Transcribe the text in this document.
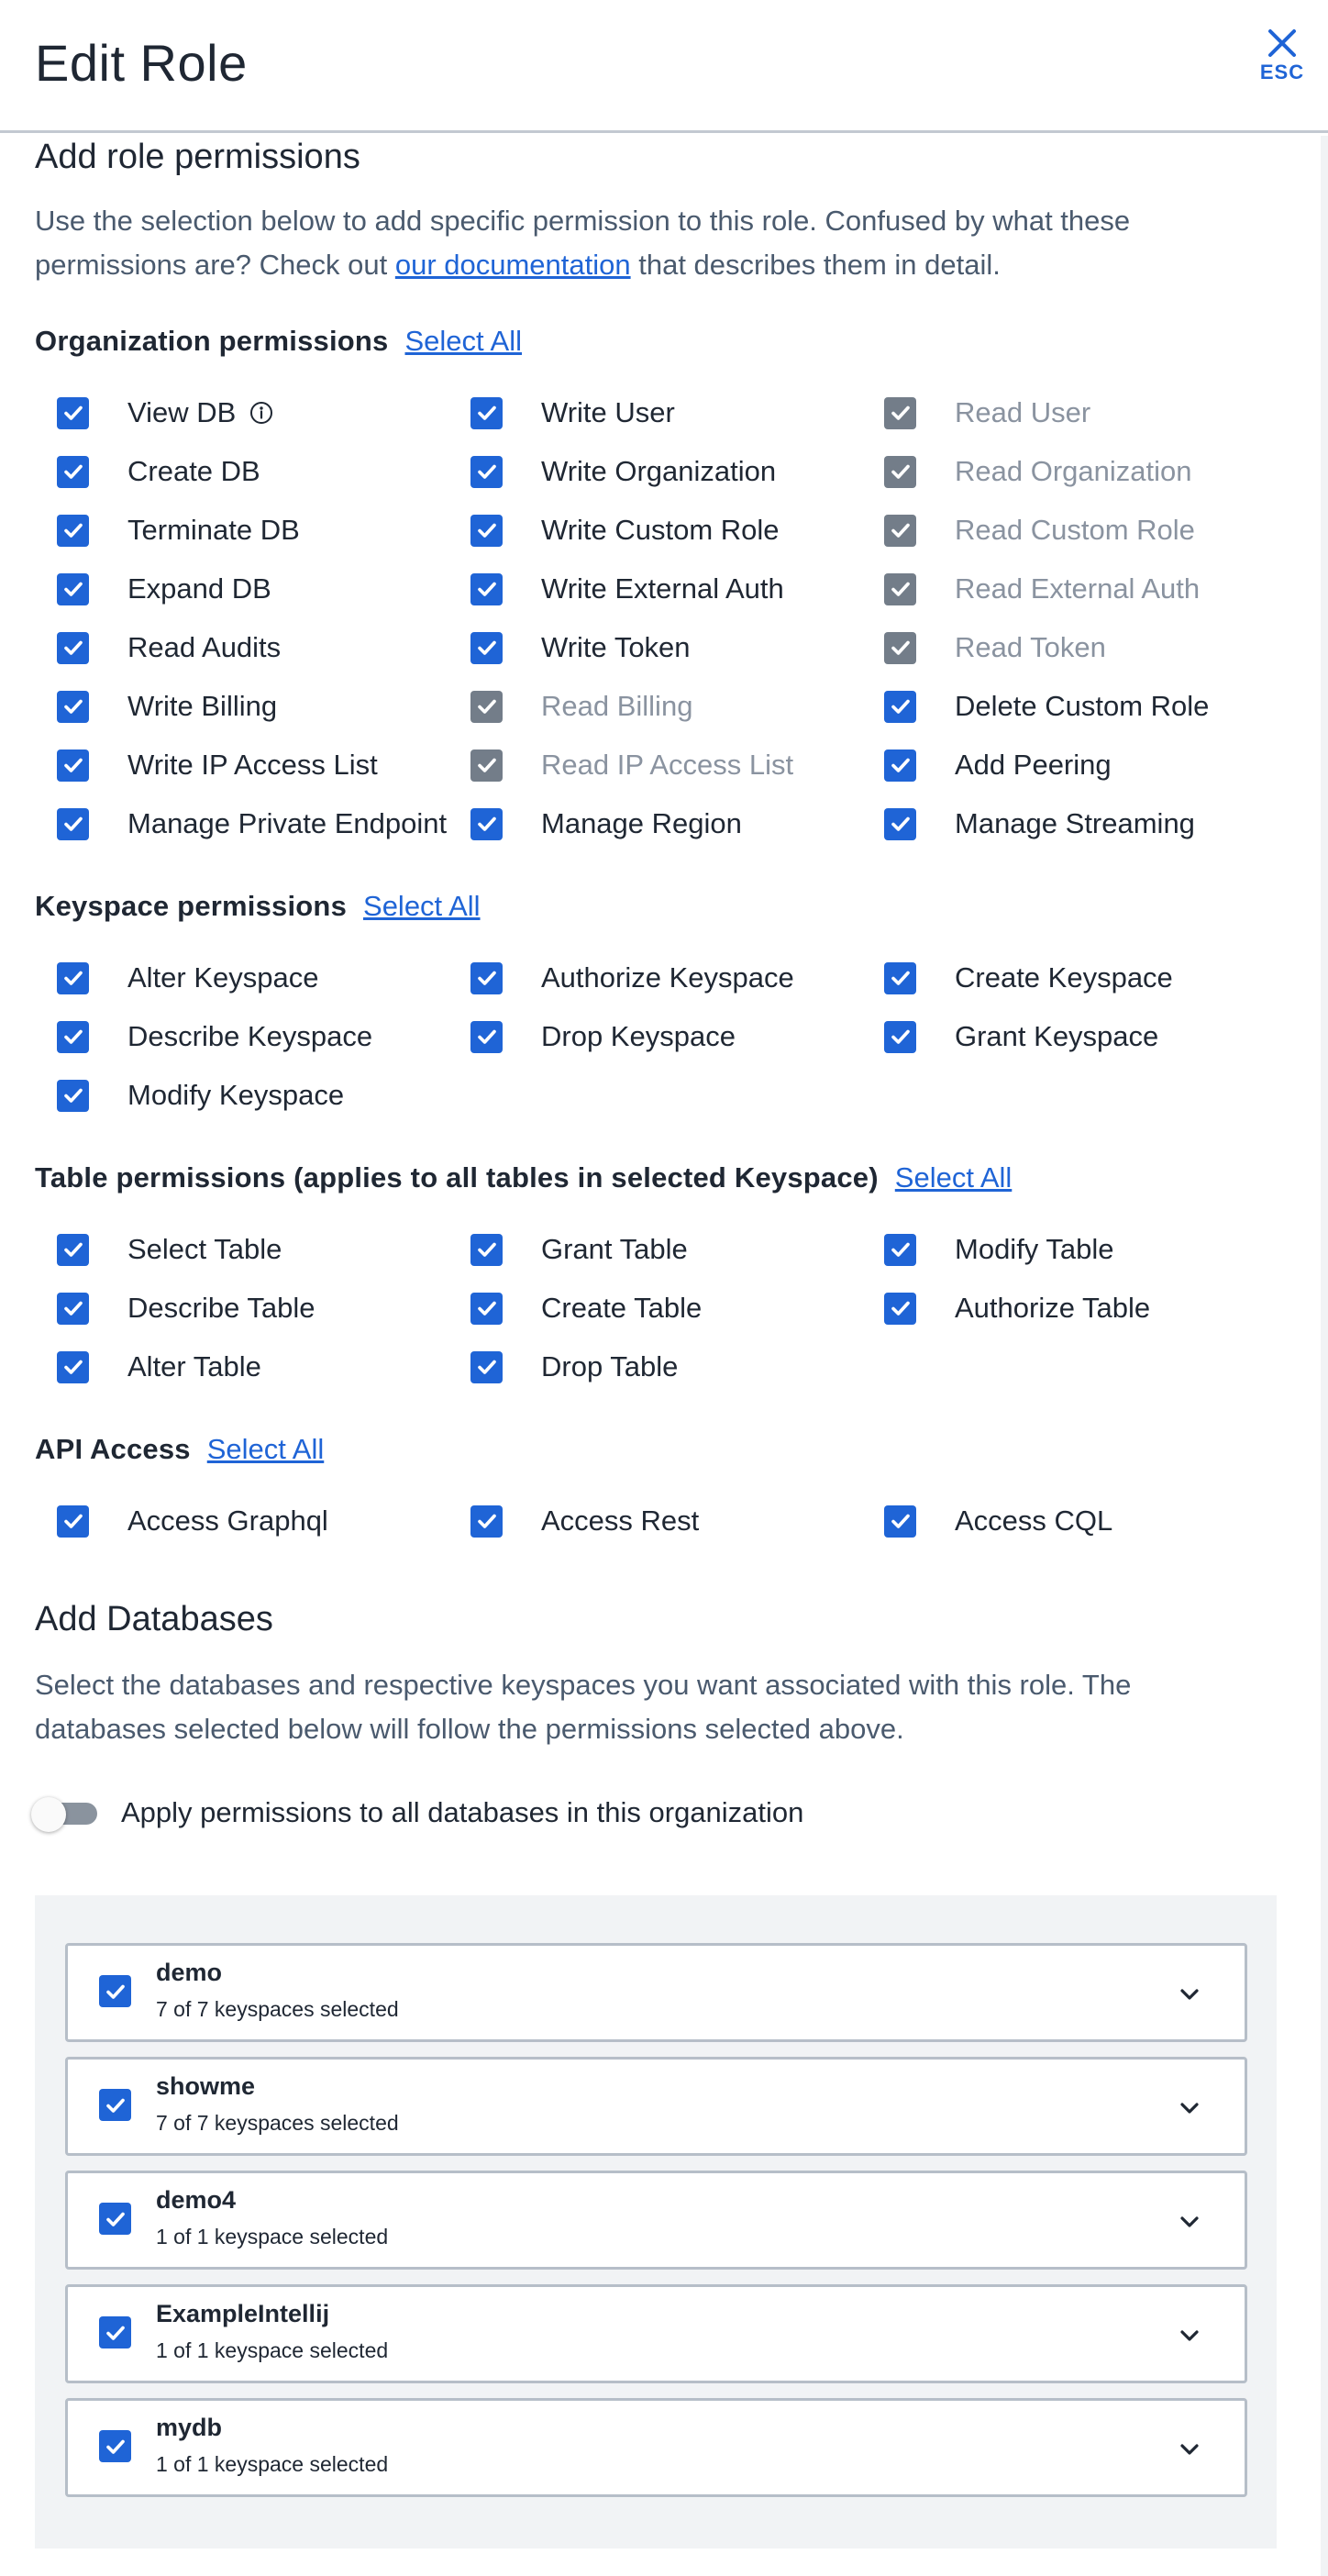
Edit Role	ESC
Add role permissions
Use the selection below to add specific permission to this role. Confused by what these permissions are? Check out our documentation that describes them in detail.
Organization permissions Select All
View DB	Write User	Read User
Create DB	Write Organization	Read Organization
Terminate DB	Write Custom Role	Read Custom Role
Expand DB	Write External Auth	Read External Auth
Read Audits	Write Token	Read Token
Write Billing	Read Billing	Delete Custom Role
Write IP Access List	Read IP Access List	Add Peering
Manage Private Endpoint	Manage Region	Manage Streaming
Keyspace permissions Select All
Alter Keyspace	Authorize Keyspace	Create Keyspace
Describe Keyspace	Drop Keyspace	Grant Keyspace
Modify Keyspace
Table permissions (applies to all tables in selected Keyspace) Select All
Select Table	Grant Table	Modify Table
Describe Table	Create Table	Authorize Table
Alter Table	Drop Table
API Access Select All
Access Graphql	Access Rest	Access CQL
Add Databases
Select the databases and respective keyspaces you want associated with this role. The databases selected below will follow the permissions selected above.
Apply permissions to all databases in this organization
demo
7 of 7 keyspaces selected
showme
7 of 7 keyspaces selected
demo4
1 of 1 keyspace selected
ExampleIntellij
1 of 1 keyspace selected
mydb
1 of 1 keyspace selected
